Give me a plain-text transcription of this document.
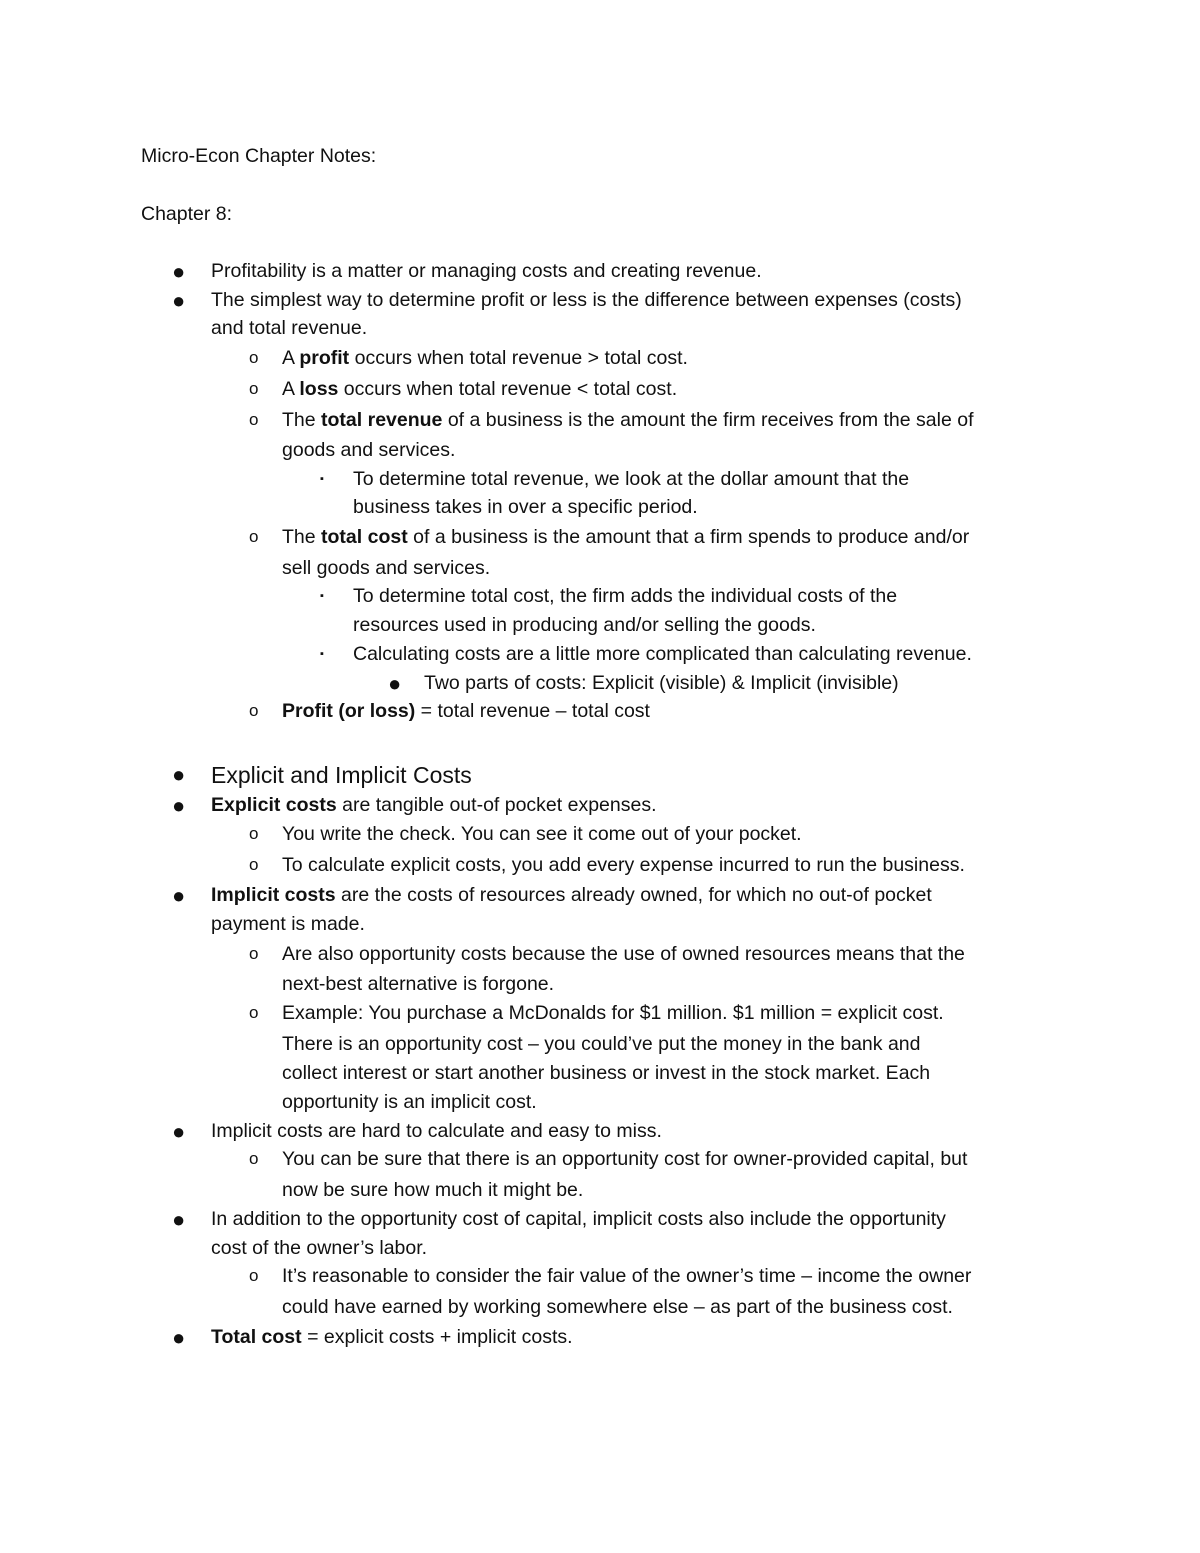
Micro-Econ Chapter Notes:
Chapter 8:
● Profitability is a matter or managing costs and creating revenue.
● The simplest way to determine profit or less is the difference between expenses (costs)
and total revenue.
o A profit occurs when total revenue > total cost.
o A loss occurs when total revenue < total cost.
o The total revenue of a business is the amount the firm receives from the sale of
goods and services.
▪ To determine total revenue, we look at the dollar amount that the
business takes in over a specific period.
o The total cost of a business is the amount that a firm spends to produce and/or
sell goods and services.
▪ To determine total cost, the firm adds the individual costs of the
resources used in producing and/or selling the goods.
▪ Calculating costs are a little more complicated than calculating revenue.
● Two parts of costs: Explicit (visible) & Implicit (invisible)
o Profit (or loss) = total revenue – total cost
● Explicit and Implicit Costs
● Explicit costs are tangible out-of pocket expenses.
o You write the check. You can see it come out of your pocket.
o To calculate explicit costs, you add every expense incurred to run the business.
● Implicit costs are the costs of resources already owned, for which no out-of pocket
payment is made.
o Are also opportunity costs because the use of owned resources means that the
next-best alternative is forgone.
o Example: You purchase a McDonalds for $1 million. $1 million = explicit cost.
There is an opportunity cost – you could’ve put the money in the bank and
collect interest or start another business or invest in the stock market. Each
opportunity is an implicit cost.
● Implicit costs are hard to calculate and easy to miss.
o You can be sure that there is an opportunity cost for owner-provided capital, but
now be sure how much it might be.
● In addition to the opportunity cost of capital, implicit costs also include the opportunity
cost of the owner’s labor.
o It’s reasonable to consider the fair value of the owner’s time – income the owner
could have earned by working somewhere else – as part of the business cost.
● Total cost = explicit costs + implicit costs.
